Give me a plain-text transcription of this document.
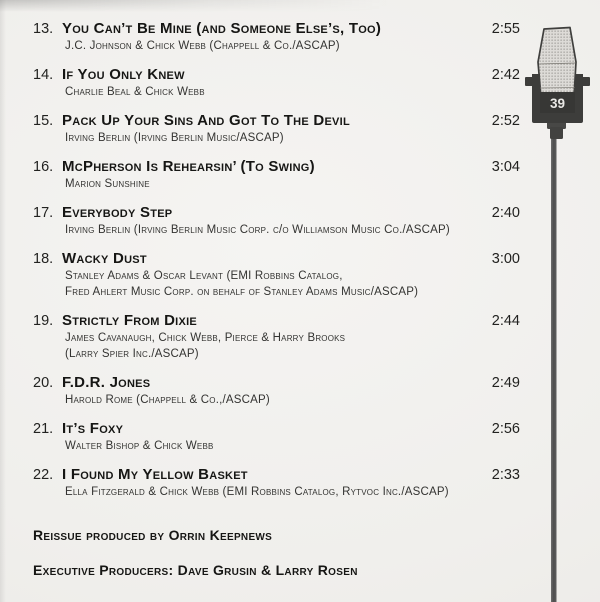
13. You Can’t Be Mine (and Someone Else’s, Too)	2:55
J.C. Johnson & Chick Webb (Chappell & Co./ASCAP)
14. If You Only Knew	2:42
Charlie Beal & Chick Webb
15. Pack Up Your Sins And Got To The Devil	2:52
Irving Berlin (Irving Berlin Music/ASCAP)
16. McPherson Is Rehearsin’ (To Swing)	3:04
Marion Sunshine
17. Everybody Step	2:40
Irving Berlin (Irving Berlin Music Corp. c/o Williamson Music Co./ASCAP)
18. Wacky Dust	3:00
Stanley Adams & Oscar Levant (EMI Robbins Catalog,
Fred Ahlert Music Corp. on behalf of Stanley Adams Music/ASCAP)
19. Strictly From Dixie	2:44
James Cavanaugh, Chick Webb, Pierce & Harry Brooks
(Larry Spier Inc./ASCAP)
20. F.D.R. Jones	2:49
Harold Rome (Chappell & Co.,/ASCAP)
21. It’s Foxy	2:56
Walter Bishop & Chick Webb
22. I Found My Yellow Basket	2:33
Ella Fitzgerald & Chick Webb (EMI Robbins Catalog, Rytvoc Inc./ASCAP)
Reissue produced by Orrin Keepnews
Executive Producers: Dave Grusin & Larry Rosen
39
